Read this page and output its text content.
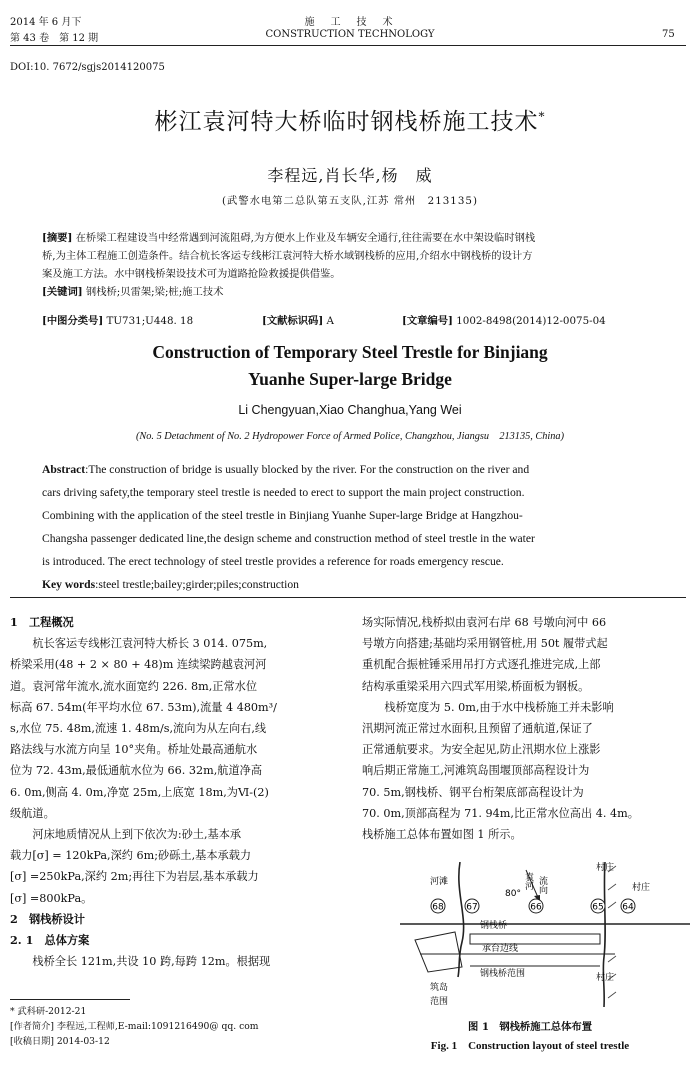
2014 年 6 月下
第 43 卷　第 12 期
施　工　技　术
CONSTRUCTION TECHNOLOGY	75
DOI:10. 7672/sgjs2014120075
彬江袁河特大桥临时钢栈桥施工技术*
李程远,肖长华,杨　威
(武警水电第二总队第五支队,江苏 常州　213135)
[摘要] 在桥梁工程建设当中经常遇到河流阻碍,为方便水上作业及车辆安全通行,往往需要在水中架设临时钢栈
桥,为主体工程施工创造条件。结合杭长客运专线彬江袁河特大桥水域钢栈桥的应用,介绍水中钢栈桥的设计方
案及施工方法。水中钢栈桥架设技术可为道路抢险救援提供借鉴。
[关键词] 钢栈桥;贝雷架;梁;桩;施工技术
[中图分类号] TU731;U448. 18	[文献标识码] A	[文章编号] 1002-8498(2014)12-0075-04
Construction of Temporary Steel Trestle for Binjiang
Yuanhe Super-large Bridge
Li Chengyuan,Xiao Changhua,Yang Wei
(No. 5 Detachment of No. 2 Hydropower Force of Armed Police, Changzhou, Jiangsu　213135, China)
Abstract:The construction of bridge is usually blocked by the river. For the construction on the river and
cars driving safety,the temporary steel trestle is needed to erect to support the main project construction.
Combining with the application of the steel trestle in Binjiang Yuanhe Super-large Bridge at Hangzhou-
Changsha passenger dedicated line,the design scheme and construction method of steel trestle in the water
is introduced. The erect technology of steel trestle provides a reference for roads emergency rescue.
Key words:steel trestle;bailey;girder;piles;construction

1　工程概况

杭长客运专线彬江袁河特大桥长 3 014. 075m,

桥梁采用(48 + 2 × 80 + 48)m 连续梁跨越袁河河

道。袁河常年流水,流水面宽约 226. 8m,正常水位

标高 67. 54m(年平均水位 67. 53m),流量 4 480m³/

s,水位 75. 48m,流速 1. 48m/s,流向为从左向右,线

路法线与水流方向呈 10°夹角。桥址处最高通航水

位为 72. 43m,最低通航水位为 66. 32m,航道净高

6. 0m,侧高 4. 0m,净宽 25m,上底宽 18m,为Ⅵ-(2)

级航道。

河床地质情况从上到下依次为:砂土,基本承

载力[σ] = 120kPa,深约 6m;砂砾土,基本承载力

[σ] =250kPa,深约 2m;再往下为岩层,基本承载力

[σ] =800kPa。

2　钢栈桥设计

2. 1　总体方案

栈桥全长 121m,共设 10 跨,每跨 12m。根据现

场实际情况,栈桥拟由袁河右岸 68 号墩向河中 66

号墩方向搭建;基础均采用钢管桩,用 50t 履带式起

重机配合振桩锤采用吊打方式逐孔推进完成,上部

结构承重梁采用六四式军用梁,桥面板为钢板。

栈桥宽度为 5. 0m,由于水中栈桥施工并未影响

汛期河流正常过水面积,且预留了通航道,保证了

正常通航要求。为安全起见,防止汛期水位上涨影

响后期正常施工,河滩筑岛围堰顶部高程设计为

70. 5m,钢栈桥、钢平台桁架底部高程设计为

70. 0m,顶部高程为 71. 94m,比正常水位高出 4. 4m。

栈桥施工总体布置如图 1 所示。

68	67	66	65 64
河滩
80°
袁河 流向
村庄
村庄
村庄
钢栈桥
承台边线
钢栈桥范围
筑岛
范围
图 1　钢栈桥施工总体布置
Fig. 1　Construction layout of steel trestle
* 武科研-2012-21
[作者简介] 李程远,工程师,E-mail:1091216490@ qq. com
[收稿日期] 2014-03-12
